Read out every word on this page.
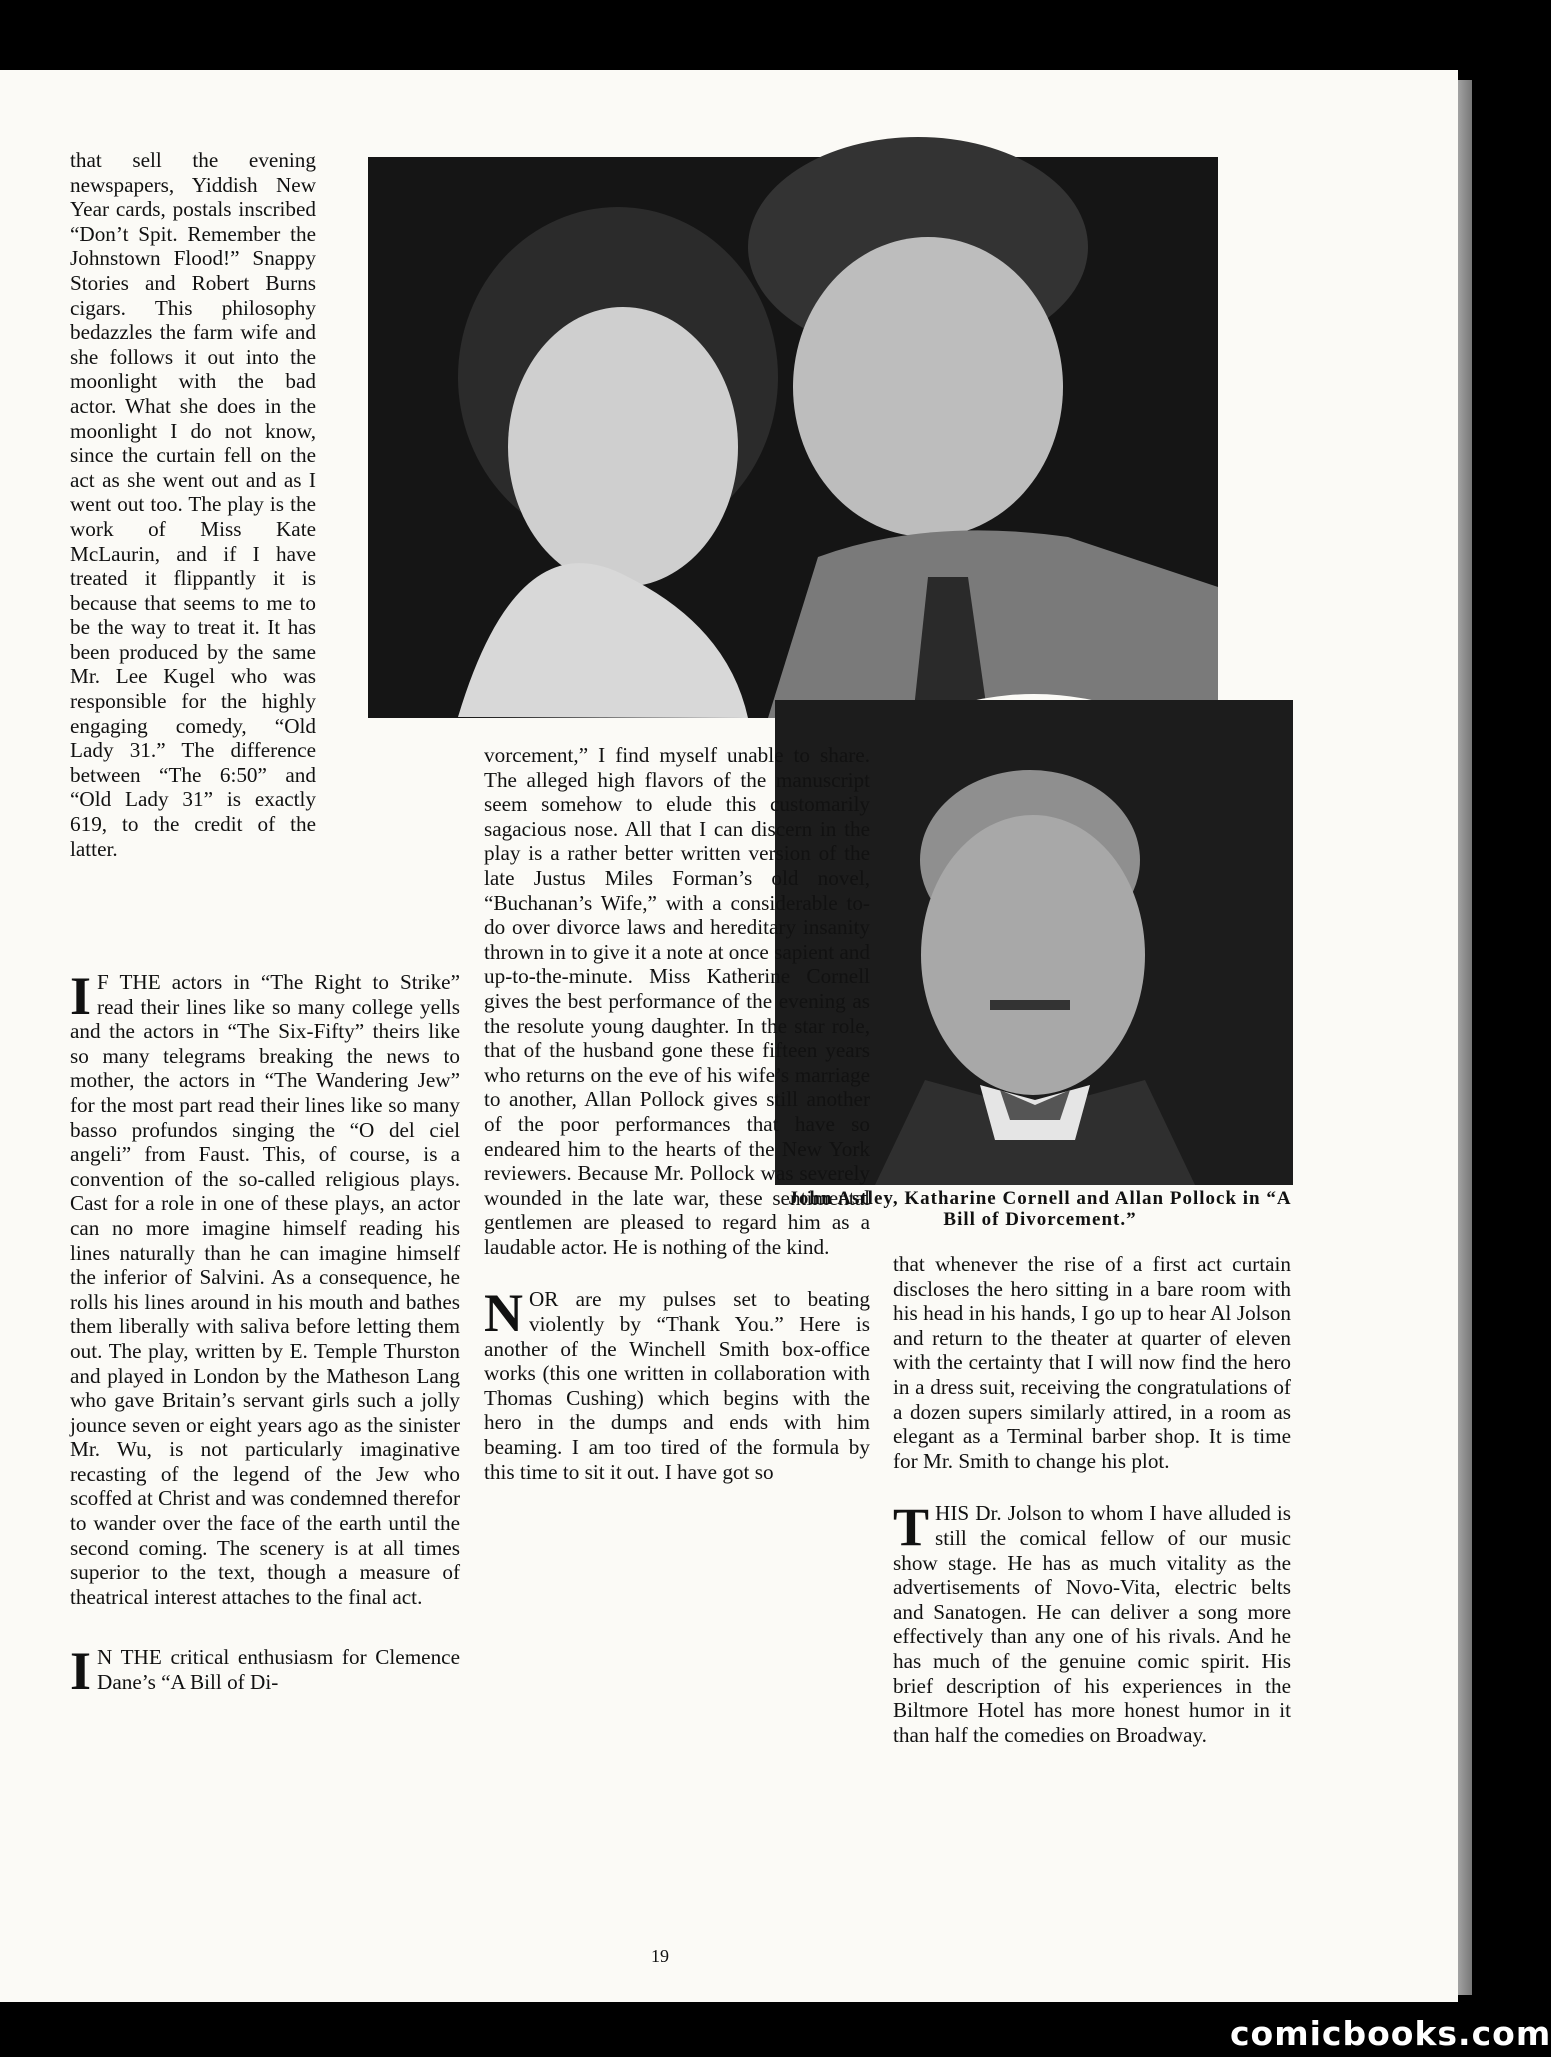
that sell the evening newspapers, Yiddish New Year cards, postals inscribed “Don’t Spit. Remember the Johnstown Flood!” Snappy Stories and Robert Burns cigars. This philosophy bedazzles the farm wife and she follows it out into the moonlight with the bad actor. What she does in the moonlight I do not know, since the curtain fell on the act as she went out and as I went out too. The play is the work of Miss Kate McLaurin, and if I have treated it flippantly it is because that seems to me to be the way to treat it. It has been produced by the same Mr. Lee Kugel who was responsible for the highly engaging comedy, “Old Lady 31.” The difference between “The 6:50” and “Old Lady 31” is exactly 619, to the credit of the latter.

I F THE actors in “The Right to Strike” read their lines like so many college yells and the actors in “The Six-Fifty” theirs like so many telegrams breaking the news to mother, the actors in “The Wandering Jew” for the most part read their lines like so many basso profundos singing the “O del ciel angeli” from Faust. This, of course, is a convention of the so-called religious plays. Cast for a role in one of these plays, an actor can no more imagine himself reading his lines naturally than he can imagine himself the inferior of Salvini. As a consequence, he rolls his lines around in his mouth and bathes them liberally with saliva before letting them out. The play, written by E. Temple Thurston and played in London by the Matheson Lang who gave Britain’s servant girls such a jolly jounce seven or eight years ago as the sinister Mr. Wu, is not particularly imaginative recasting of the legend of the Jew who scoffed at Christ and was condemned therefor to wander over the face of the earth until the second coming. The scenery is at all times superior to the text, though a measure of theatrical interest attaches to the final act.

I N THE critical enthusiasm for Clemence Dane’s “A Bill of Di-

vorcement,” I find myself unable to share. The alleged high flavors of the manuscript seem somehow to elude this customarily sagacious nose. All that I can discern in the play is a rather better written version of the late Justus Miles Forman’s old novel, “Buchanan’s Wife,” with a considerable to-do over divorce laws and hereditary insanity thrown in to give it a note at once sapient and up-to-the-minute. Miss Katherine Cornell gives the best performance of the evening as the resolute young daughter. In the star role, that of the husband gone these fifteen years who returns on the eve of his wife’s marriage to another, Allan Pollock gives still another of the poor performances that have so endeared him to the hearts of the New York reviewers. Because Mr. Pollock was severely wounded in the late war, these sentimental gentlemen are pleased to regard him as a laudable actor. He is nothing of the kind.

NOR are my pulses set to beating violently by “Thank You.” Here is another of the Winchell Smith box-office works (this one written in collaboration with Thomas Cushing) which begins with the hero in the dumps and ends with him beaming. I am too tired of the formula by this time to sit it out. I have got so

John Astley, Katharine Cornell and Allan Pollock in “A Bill of Divorcement.”

that whenever the rise of a first act curtain discloses the hero sitting in a bare room with his head in his hands, I go up to hear Al Jolson and return to the theater at quarter of eleven with the certainty that I will now find the hero in a dress suit, receiving the congratulations of a dozen supers similarly attired, in a room as elegant as a Terminal barber shop. It is time for Mr. Smith to change his plot.

THIS Dr. Jolson to whom I have alluded is still the comical fellow of our music show stage. He has as much vitality as the advertisements of Novo-Vita, electric belts and Sanatogen. He can deliver a song more effectively than any one of his rivals. And he has much of the genuine comic spirit. His brief description of his experiences in the Biltmore Hotel has more honest humor in it than half the comedies on Broadway.

19
comicbooks.com
